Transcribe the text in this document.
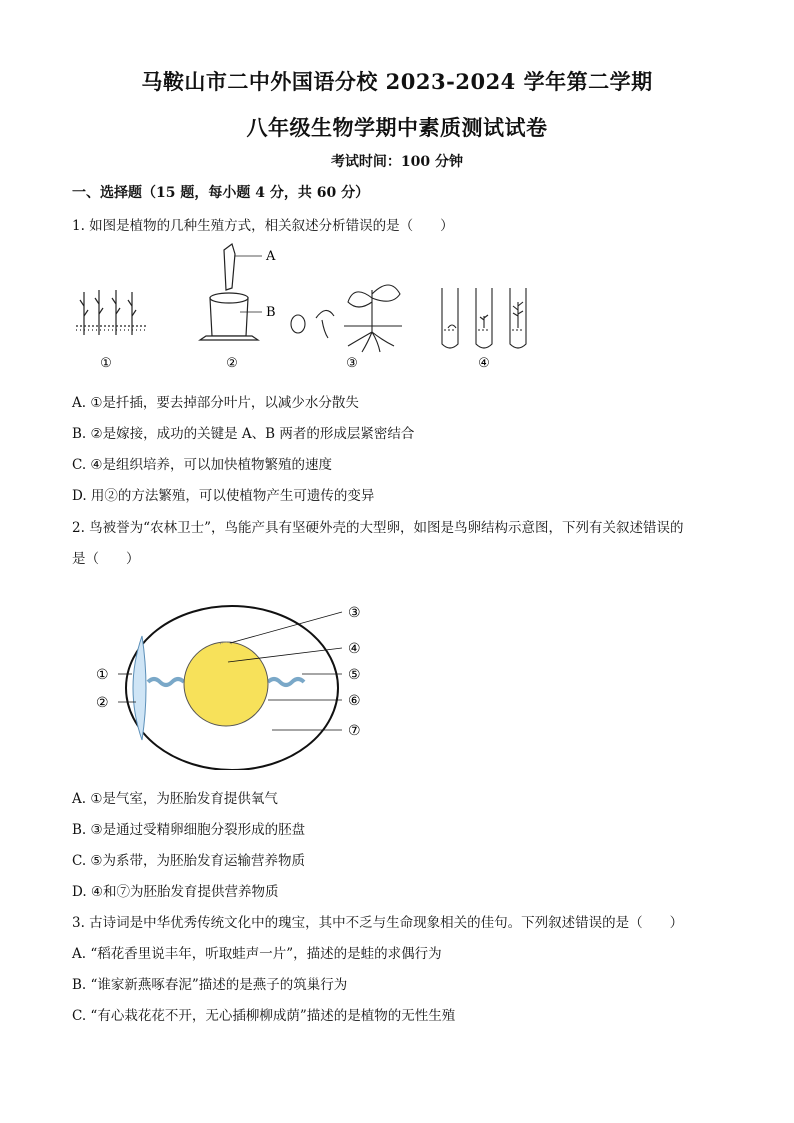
马鞍山市二中外国语分校 2023-2024 学年第二学期
八年级生物学期中素质测试试卷
考试时间：100 分钟
一、选择题（15 题，每小题 4 分，共 60 分）
1. 如图是植物的几种生殖方式，相关叙述分析错误的是（　　）
①
A
B
②	③	④
A. ①是扦插，要去掉部分叶片，以减少水分散失
B. ②是嫁接，成功的关键是 A、B 两者的形成层紧密结合
C. ④是组织培养，可以加快植物繁殖的速度
D. 用②的方法繁殖，可以使植物产生可遗传的变异
2. 鸟被誉为“农林卫士”，鸟能产具有坚硬外壳的大型卵，如图是鸟卵结构示意图，下列有关叙述错误的
是（　　）
③
④
⑤
⑥
⑦
①
②
A. ①是气室，为胚胎发育提供氧气
B. ③是通过受精卵细胞分裂形成的胚盘
C. ⑤为系带，为胚胎发育运输营养物质
D. ④和⑦为胚胎发育提供营养物质
3. 古诗词是中华优秀传统文化中的瑰宝，其中不乏与生命现象相关的佳句。下列叙述错误的是（　　）
A. “稻花香里说丰年，听取蛙声一片”，描述的是蛙的求偶行为
B. “谁家新燕啄春泥”描述的是燕子的筑巢行为
C. “有心栽花花不开，无心插柳柳成荫”描述的是植物的无性生殖
